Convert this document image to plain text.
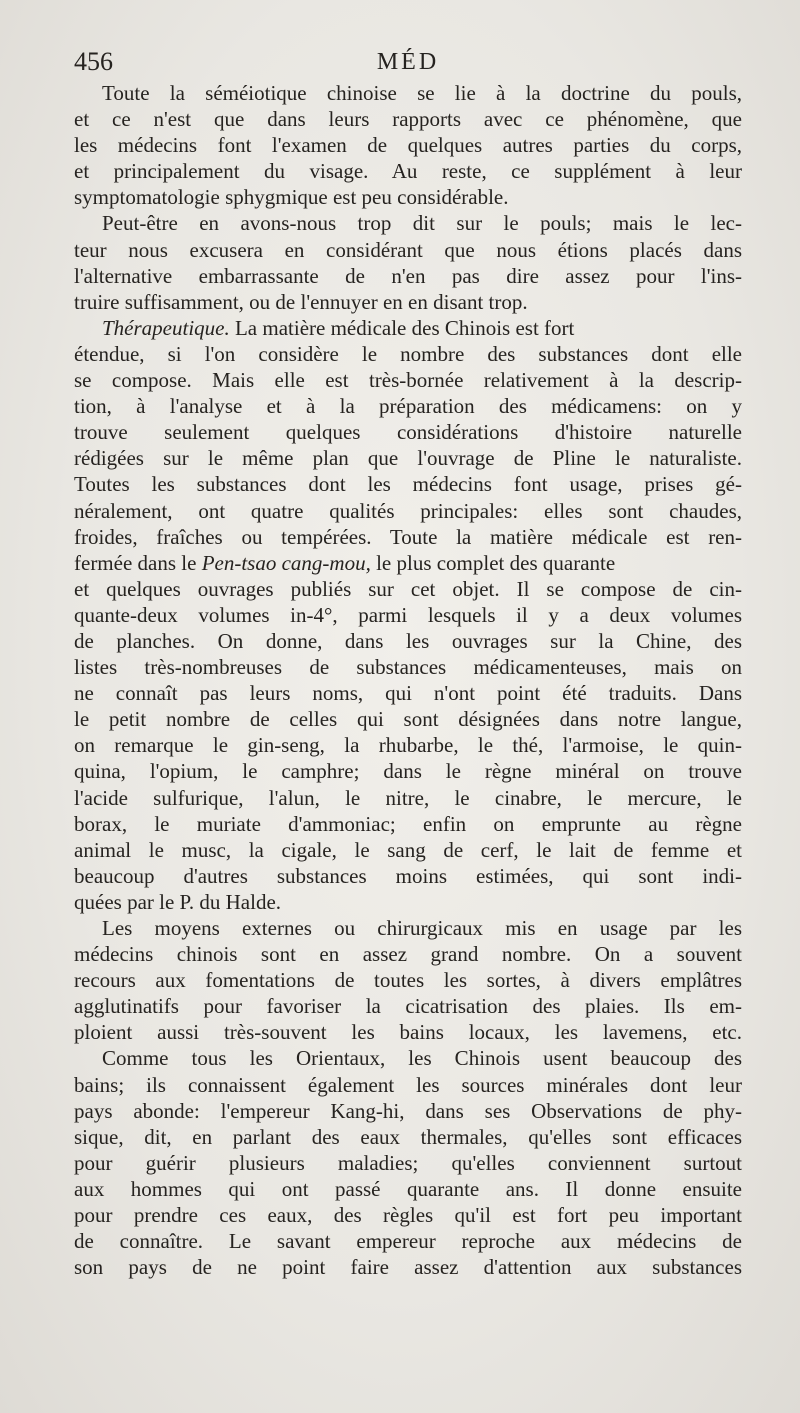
456	MÉD
Toute la séméiotique chinoise se lie à la doctrine du pouls,
et ce n'est que dans leurs rapports avec ce phénomène, que
les médecins font l'examen de quelques autres parties du corps,
et principalement du visage. Au reste, ce supplément à leur
symptomatologie sphygmique est peu considérable.
Peut-être en avons-nous trop dit sur le pouls; mais le lec-
teur nous excusera en considérant que nous étions placés dans
l'alternative embarrassante de n'en pas dire assez pour l'ins-
truire suffisamment, ou de l'ennuyer en en disant trop.
Thérapeutique. La matière médicale des Chinois est fort
étendue, si l'on considère le nombre des substances dont elle
se compose. Mais elle est très-bornée relativement à la descrip-
tion, à l'analyse et à la préparation des médicamens: on y
trouve seulement quelques considérations d'histoire naturelle
rédigées sur le même plan que l'ouvrage de Pline le naturaliste.
Toutes les substances dont les médecins font usage, prises gé-
néralement, ont quatre qualités principales: elles sont chaudes,
froides, fraîches ou tempérées. Toute la matière médicale est ren-
fermée dans le Pen-tsao cang-mou, le plus complet des quarante
et quelques ouvrages publiés sur cet objet. Il se compose de cin-
quante-deux volumes in-4°, parmi lesquels il y a deux volumes
de planches. On donne, dans les ouvrages sur la Chine, des
listes très-nombreuses de substances médicamenteuses, mais on
ne connaît pas leurs noms, qui n'ont point été traduits. Dans
le petit nombre de celles qui sont désignées dans notre langue,
on remarque le gin-seng, la rhubarbe, le thé, l'armoise, le quin-
quina, l'opium, le camphre; dans le règne minéral on trouve
l'acide sulfurique, l'alun, le nitre, le cinabre, le mercure, le
borax, le muriate d'ammoniac; enfin on emprunte au règne
animal le musc, la cigale, le sang de cerf, le lait de femme et
beaucoup d'autres substances moins estimées, qui sont indi-
quées par le P. du Halde.
Les moyens externes ou chirurgicaux mis en usage par les
médecins chinois sont en assez grand nombre. On a souvent
recours aux fomentations de toutes les sortes, à divers emplâtres
agglutinatifs pour favoriser la cicatrisation des plaies. Ils em-
ploient aussi très-souvent les bains locaux, les lavemens, etc.
Comme tous les Orientaux, les Chinois usent beaucoup des
bains; ils connaissent également les sources minérales dont leur
pays abonde: l'empereur Kang-hi, dans ses Observations de phy-
sique, dit, en parlant des eaux thermales, qu'elles sont efficaces
pour guérir plusieurs maladies; qu'elles conviennent surtout
aux hommes qui ont passé quarante ans. Il donne ensuite
pour prendre ces eaux, des règles qu'il est fort peu important
de connaître. Le savant empereur reproche aux médecins de
son pays de ne point faire assez d'attention aux substances
